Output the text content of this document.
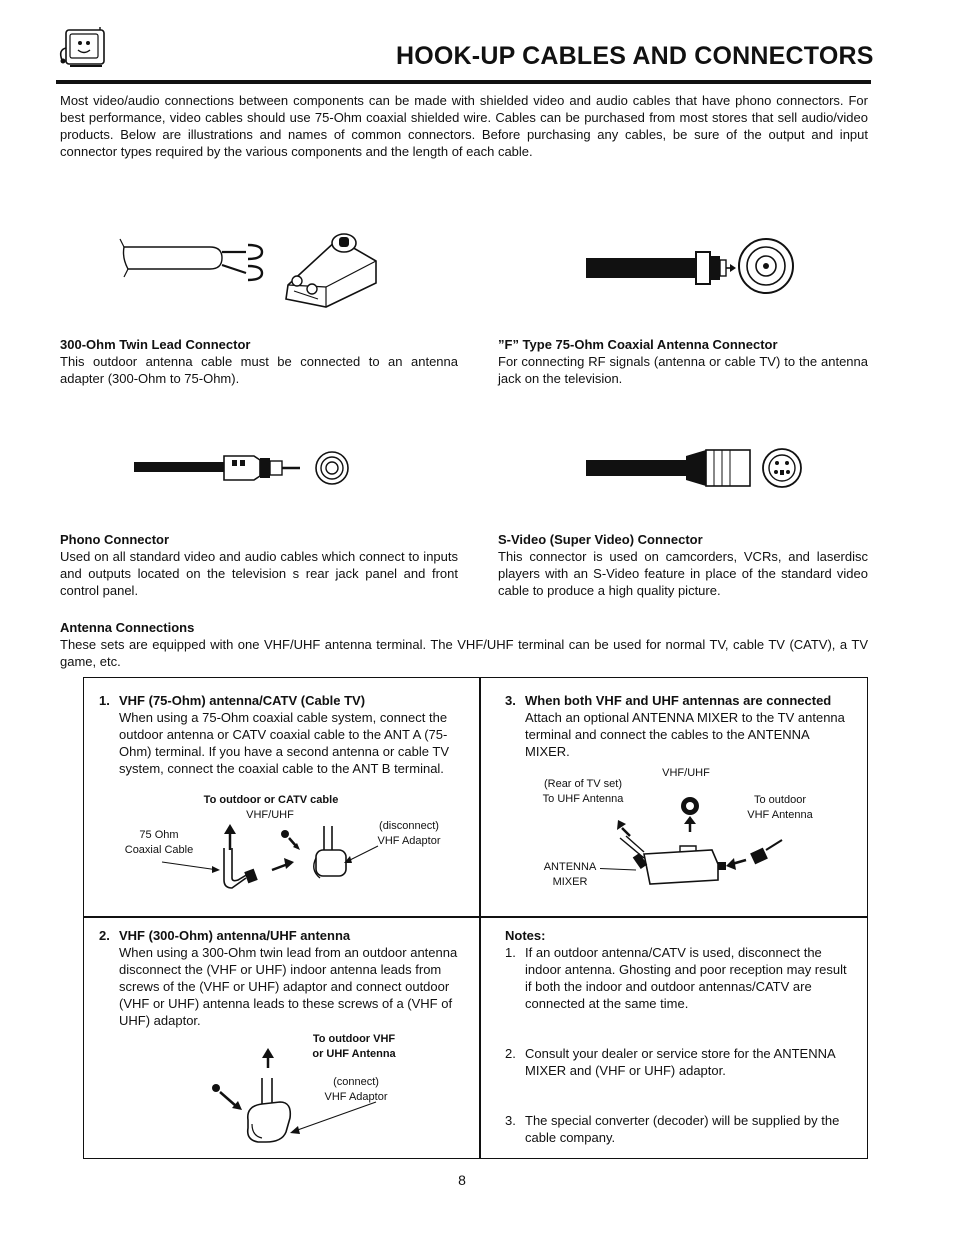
HOOK-UP CABLES AND CONNECTORS
Most video/audio connections between components can be made with shielded video and audio cables that have phono connectors. For best performance, video cables should use 75-Ohm coaxial shielded wire. Cables can be purchased from most stores that sell audio/video products. Below are illustrations and names of common connectors. Before purchasing any cables, be sure of the output and input connector types required by the various components and the length of each cable.
300-Ohm Twin Lead Connector
This outdoor antenna cable must be connected to an antenna adapter (300-Ohm to 75-Ohm).
”F” Type 75-Ohm Coaxial Antenna Connector
For connecting RF signals (antenna or cable TV) to the antenna jack on the television.
Phono Connector
Used on all standard video and audio cables which connect to inputs and outputs located on the television s rear jack panel and front control panel.
S-Video (Super Video) Connector
This connector is used on camcorders, VCRs, and laserdisc players with an S-Video feature in place of the standard video cable to produce a high quality picture.
Antenna Connections
These sets are equipped with one VHF/UHF antenna terminal. The VHF/UHF terminal can be used for normal TV, cable TV (CATV), a TV game, etc.
1. VHF (75-Ohm) antenna/CATV (Cable TV)
When using a 75-Ohm coaxial cable system, connect the outdoor antenna or CATV coaxial cable to the ANT A (75-Ohm) terminal. If you have a second antenna or cable TV system, connect the coaxial cable to the ANT B terminal.
To outdoor or CATV cable
VHF/UHF
75 Ohm
Coaxial Cable
(disconnect)
VHF Adaptor
3. When both VHF and UHF antennas are connected
Attach an optional ANTENNA MIXER to the TV antenna terminal and connect the cables to the ANTENNA MIXER.
VHF/UHF
(Rear of TV set)
To UHF Antenna	To outdoor
VHF Antenna
ANTENNA
MIXER
2. VHF (300-Ohm) antenna/UHF antenna
When using a 300-Ohm twin lead from an outdoor antenna disconnect the (VHF or UHF) indoor antenna leads from screws of the (VHF or UHF) adaptor and connect outdoor (VHF or UHF) antenna leads to these screws of a (VHF of UHF) adaptor.
To outdoor VHF
or UHF Antenna
(connect)
VHF Adaptor
Notes:
1. If an outdoor antenna/CATV is used, disconnect the indoor antenna. Ghosting and poor reception may result if both the indoor and outdoor antennas/CATV are connected at the same time.
2. Consult your dealer or service store for the ANTENNA MIXER and (VHF or UHF) adaptor.
3. The special converter (decoder) will be supplied by the cable company.
8
